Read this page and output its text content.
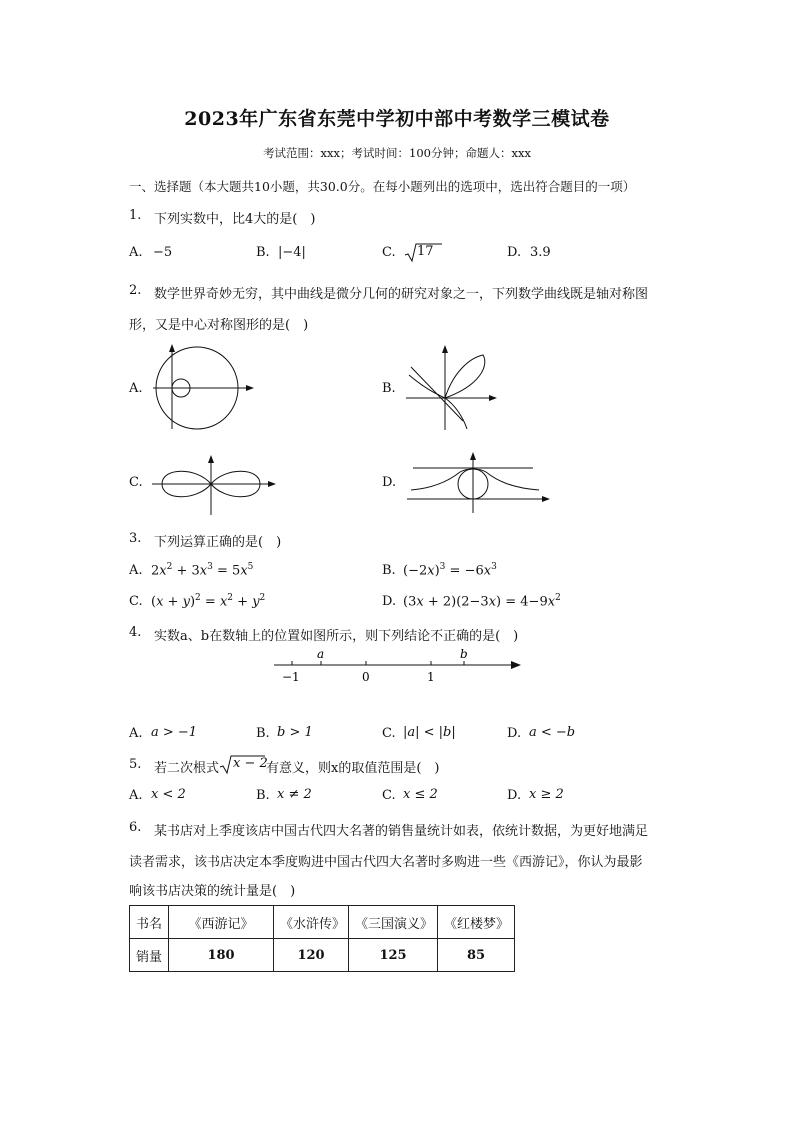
2023年广东省东莞中学初中部中考数学三模试卷
考试范围：xxx；考试时间：100分钟；命题人：xxx
一、选择题（本大题共10小题，共30.0分。在每小题列出的选项中，选出符合题目的一项）
1. 下列实数中，比4大的是(　)
A. −5	B. |−4|	C. 17	D. 3.9
2. 数学世界奇妙无穷，其中曲线是微分几何的研究对象之一，下列数学曲线既是轴对称图
形，又是中心对称图形的是(　)
A.	B.
C.	D.
3. 下列运算正确的是(　)
A. $2x^2 + 3x^3 = 5x^5$	B. $(-2x)^3 = -6x^3$
C. $(x + y)^2 = x^2 + y^2$	D. $(3x + 2)(2-3x) = 4-9x^2$
4. 实数a、b在数轴上的位置如图所示，则下列结论不正确的是(　)
a	b
−1	0	1
A. a > −1	B. b > 1	C. |a| < |b|	D. a < −b
5. 若二次根式 x − 2
有意义，则x的取值范围是(　)
A. x < 2	B. x ≠ 2	C. x ≤ 2	D. x ≥ 2
6. 某书店对上季度该店中国古代四大名著的销售量统计如表，依统计数据，为更好地满足
读者需求，该书店决定本季度购进中国古代四大名著时多购进一些《西游记》，你认为最影
响该书店决策的统计量是(　)
书名	《西游记》	《水浒传》	《三国演义》	《红楼梦》
销量	180	120	125	85
